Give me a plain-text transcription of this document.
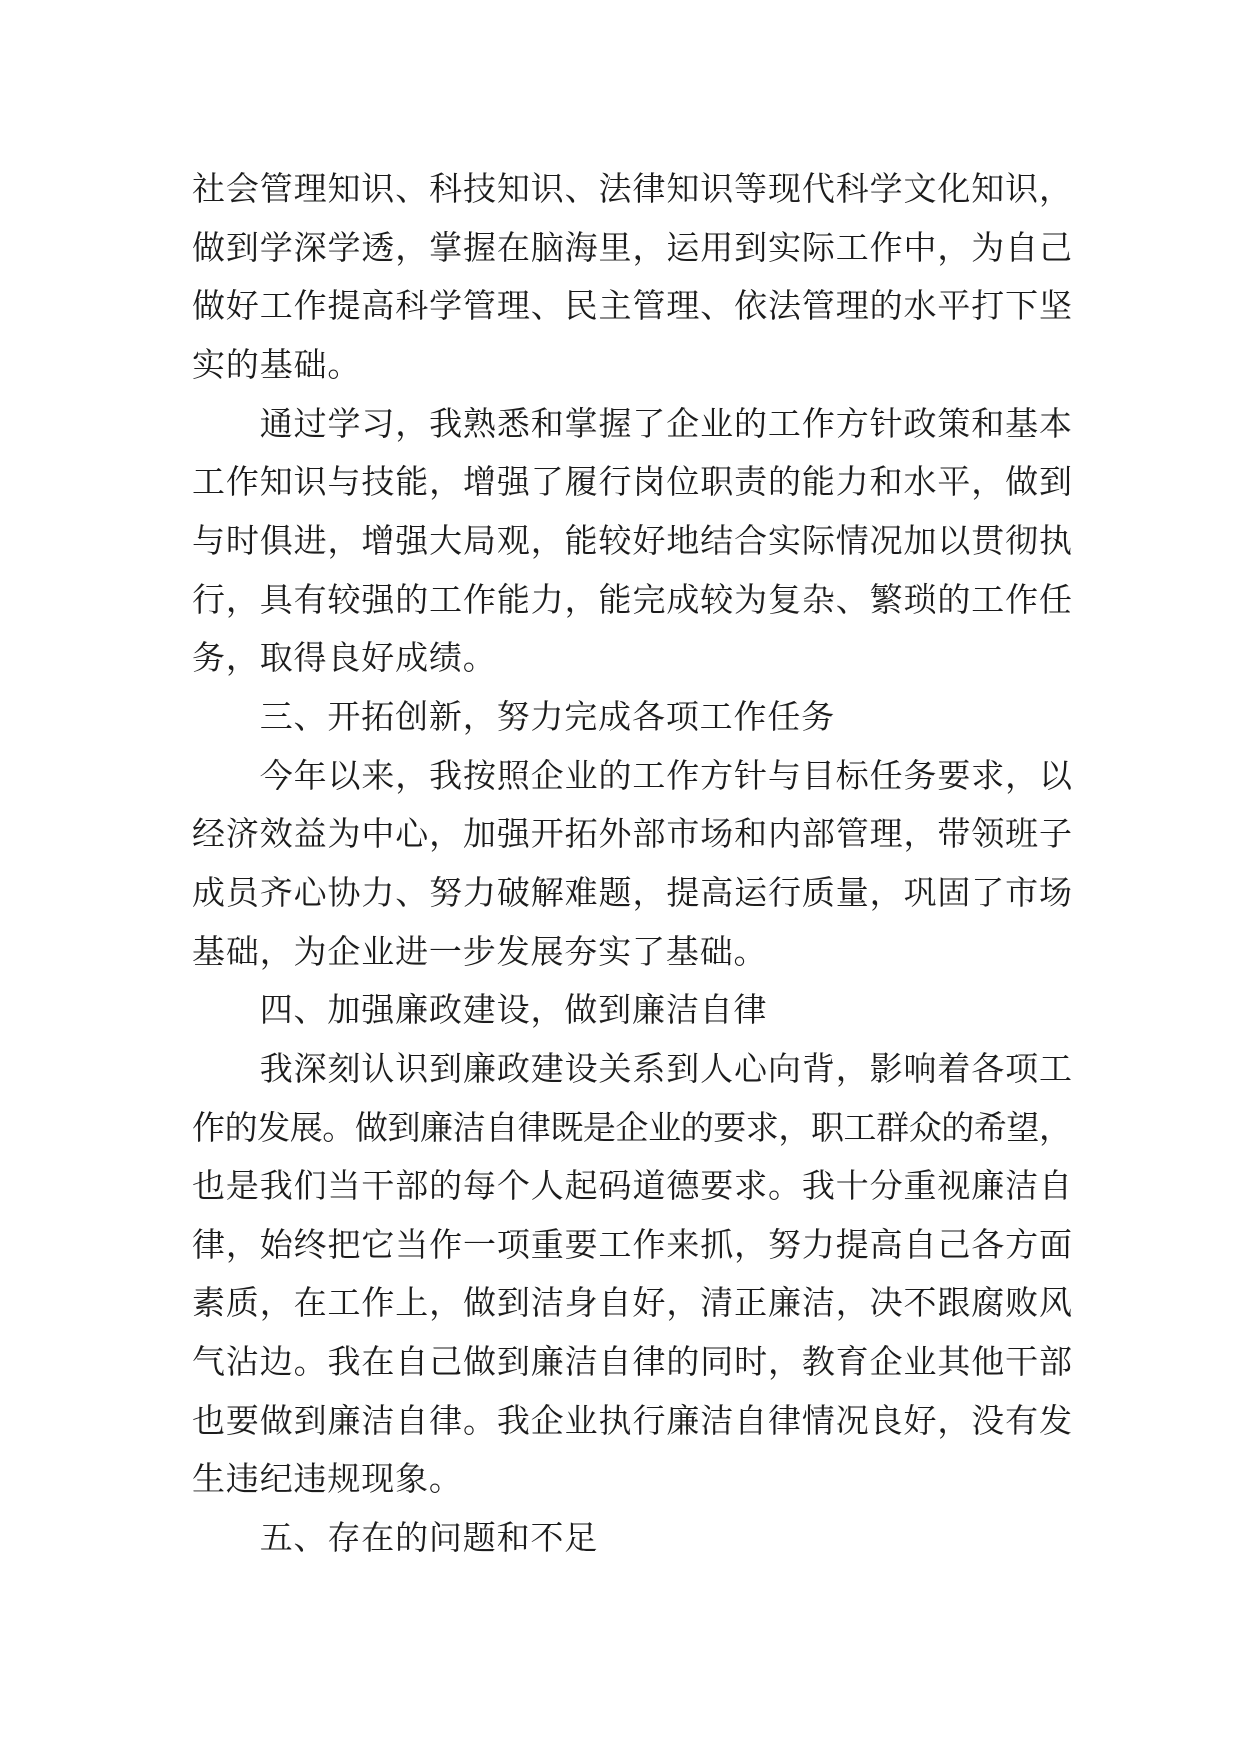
社会管理知识、科技知识、法律知识等现代科学文化知识，
做到学深学透，掌握在脑海里，运用到实际工作中，为自己
做好工作提高科学管理、民主管理、依法管理的水平打下坚
实的基础。
通过学习，我熟悉和掌握了企业的工作方针政策和基本
工作知识与技能，增强了履行岗位职责的能力和水平，做到
与时俱进，增强大局观，能较好地结合实际情况加以贯彻执
行，具有较强的工作能力，能完成较为复杂、繁琐的工作任
务，取得良好成绩。
三、开拓创新，努力完成各项工作任务
今年以来，我按照企业的工作方针与目标任务要求，以
经济效益为中心，加强开拓外部市场和内部管理，带领班子
成员齐心协力、努力破解难题，提高运行质量，巩固了市场
基础，为企业进一步发展夯实了基础。
四、加强廉政建设，做到廉洁自律
我深刻认识到廉政建设关系到人心向背，影响着各项工
作的发展。做到廉洁自律既是企业的要求，职工群众的希望，
也是我们当干部的每个人起码道德要求。我十分重视廉洁自
律，始终把它当作一项重要工作来抓，努力提高自己各方面
素质，在工作上，做到洁身自好，清正廉洁，决不跟腐败风
气沾边。我在自己做到廉洁自律的同时，教育企业其他干部
也要做到廉洁自律。我企业执行廉洁自律情况良好，没有发
生违纪违规现象。
五、存在的问题和不足
